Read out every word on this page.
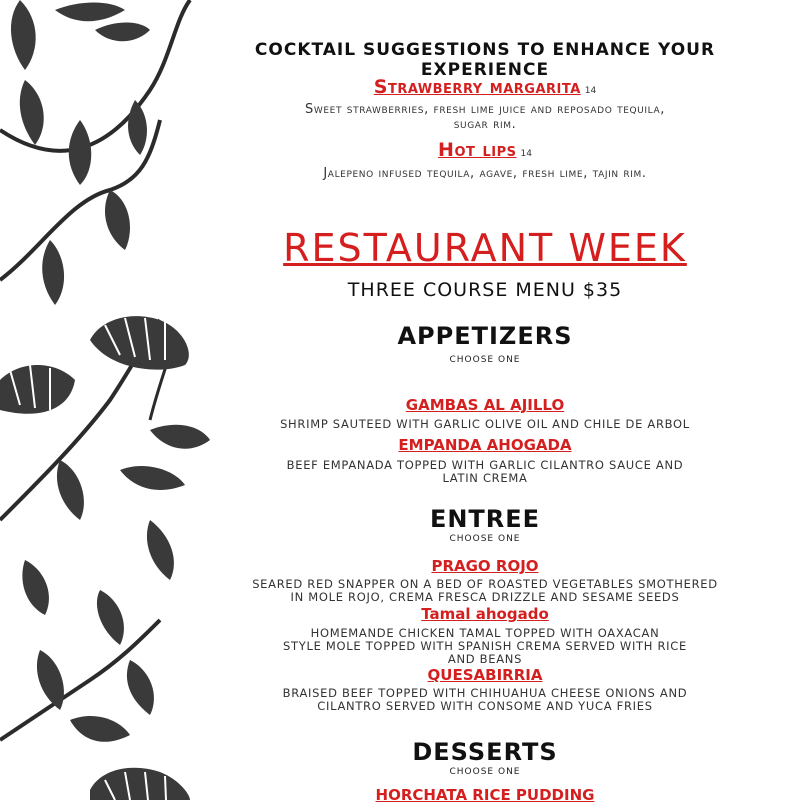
COCKTAIL SUGGESTIONS TO ENHANCE YOUR EXPERIENCE

Strawberry margarita 14

Sweet strawberries, fresh lime juice and reposado tequila,

sugar rim.

Hot lips 14

Jalepeno infused tequila, agave, fresh lime, tajin rim.

RESTAURANT WEEK

THREE COURSE MENU $35

APPETIZERS

CHOOSE ONE

GAMBAS AL AJILLO

SHRIMP SAUTEED WITH GARLIC OLIVE OIL AND CHILE DE ARBOL

EMPANDA AHOGADA

BEEF EMPANADA TOPPED WITH GARLIC CILANTRO SAUCE AND

LATIN CREMA

ENTREE

CHOOSE ONE

PRAGO ROJO

SEARED RED SNAPPER ON A BED OF ROASTED VEGETABLES SMOTHERED

IN MOLE ROJO, CREMA FRESCA DRIZZLE AND SESAME SEEDS

Tamal ahogado

HOMEMANDE CHICKEN TAMAL TOPPED WITH OAXACAN

STYLE MOLE TOPPED WITH SPANISH CREMA SERVED WITH RICE

AND BEANS

QUESABIRRIA

BRAISED BEEF TOPPED WITH CHIHUAHUA CHEESE ONIONS AND

CILANTRO SERVED WITH CONSOME AND YUCA FRIES

DESSERTS

CHOOSE ONE

HORCHATA RICE PUDDING
